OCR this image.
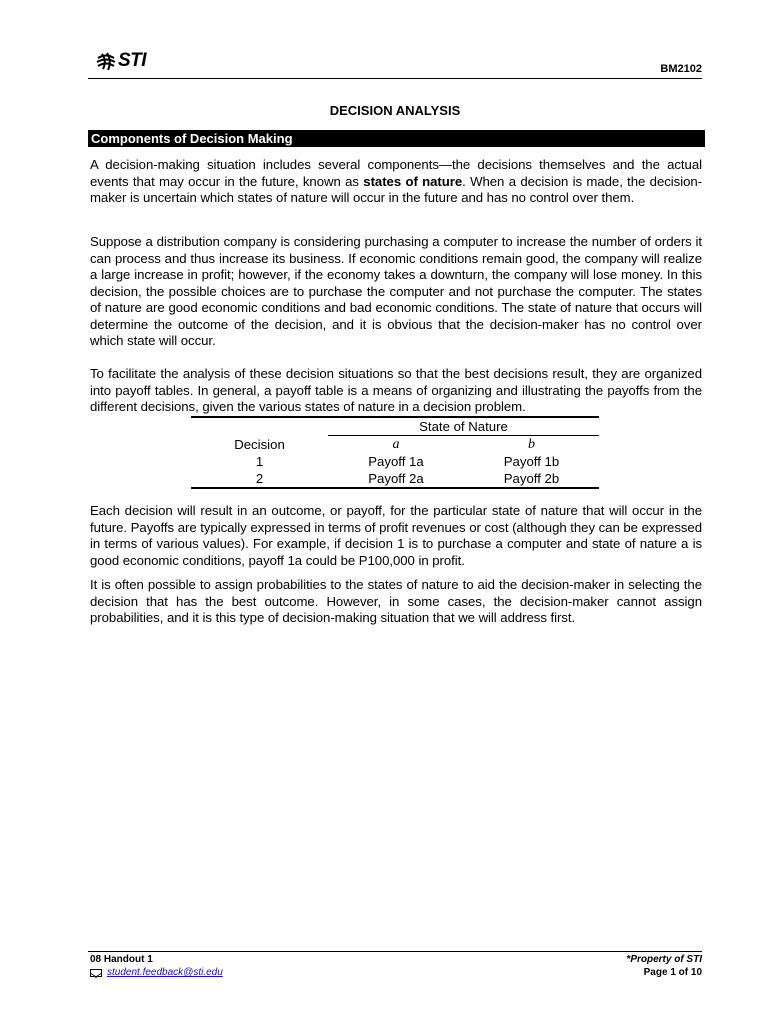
STI	BM2102
DECISION ANALYSIS
Components of Decision Making

A decision-making situation includes several components—the decisions themselves and the actual events that may occur in the future, known as states of nature. When a decision is made, the decision-maker is uncertain which states of nature will occur in the future and has no control over them.

Suppose a distribution company is considering purchasing a computer to increase the number of orders it can process and thus increase its business. If economic conditions remain good, the company will realize a large increase in profit; however, if the economy takes a downturn, the company will lose money. In this decision, the possible choices are to purchase the computer and not purchase the computer. The states of nature are good economic conditions and bad economic conditions. The state of nature that occurs will determine the outcome of the decision, and it is obvious that the decision-maker has no control over which state will occur.

To facilitate the analysis of these decision situations so that the best decisions result, they are organized into payoff tables. In general, a payoff table is a means of organizing and illustrating the payoffs from the different decisions, given the various states of nature in a decision problem.

	State of Nature	
Decision	a	b
1	Payoff 1a	Payoff 1b
2	Payoff 2a	Payoff 2b

Each decision will result in an outcome, or payoff, for the particular state of nature that will occur in the future. Payoffs are typically expressed in terms of profit revenues or cost (although they can be expressed in terms of various values). For example, if decision 1 is to purchase a computer and state of nature a is good economic conditions, payoff 1a could be P100,000 in profit.

It is often possible to assign probabilities to the states of nature to aid the decision-maker in selecting the decision that has the best outcome. However, in some cases, the decision-maker cannot assign probabilities, and it is this type of decision-making situation that we will address first.

08 Handout 1
student.feedback@sti.edu
*Property of STI
Page 1 of 10
